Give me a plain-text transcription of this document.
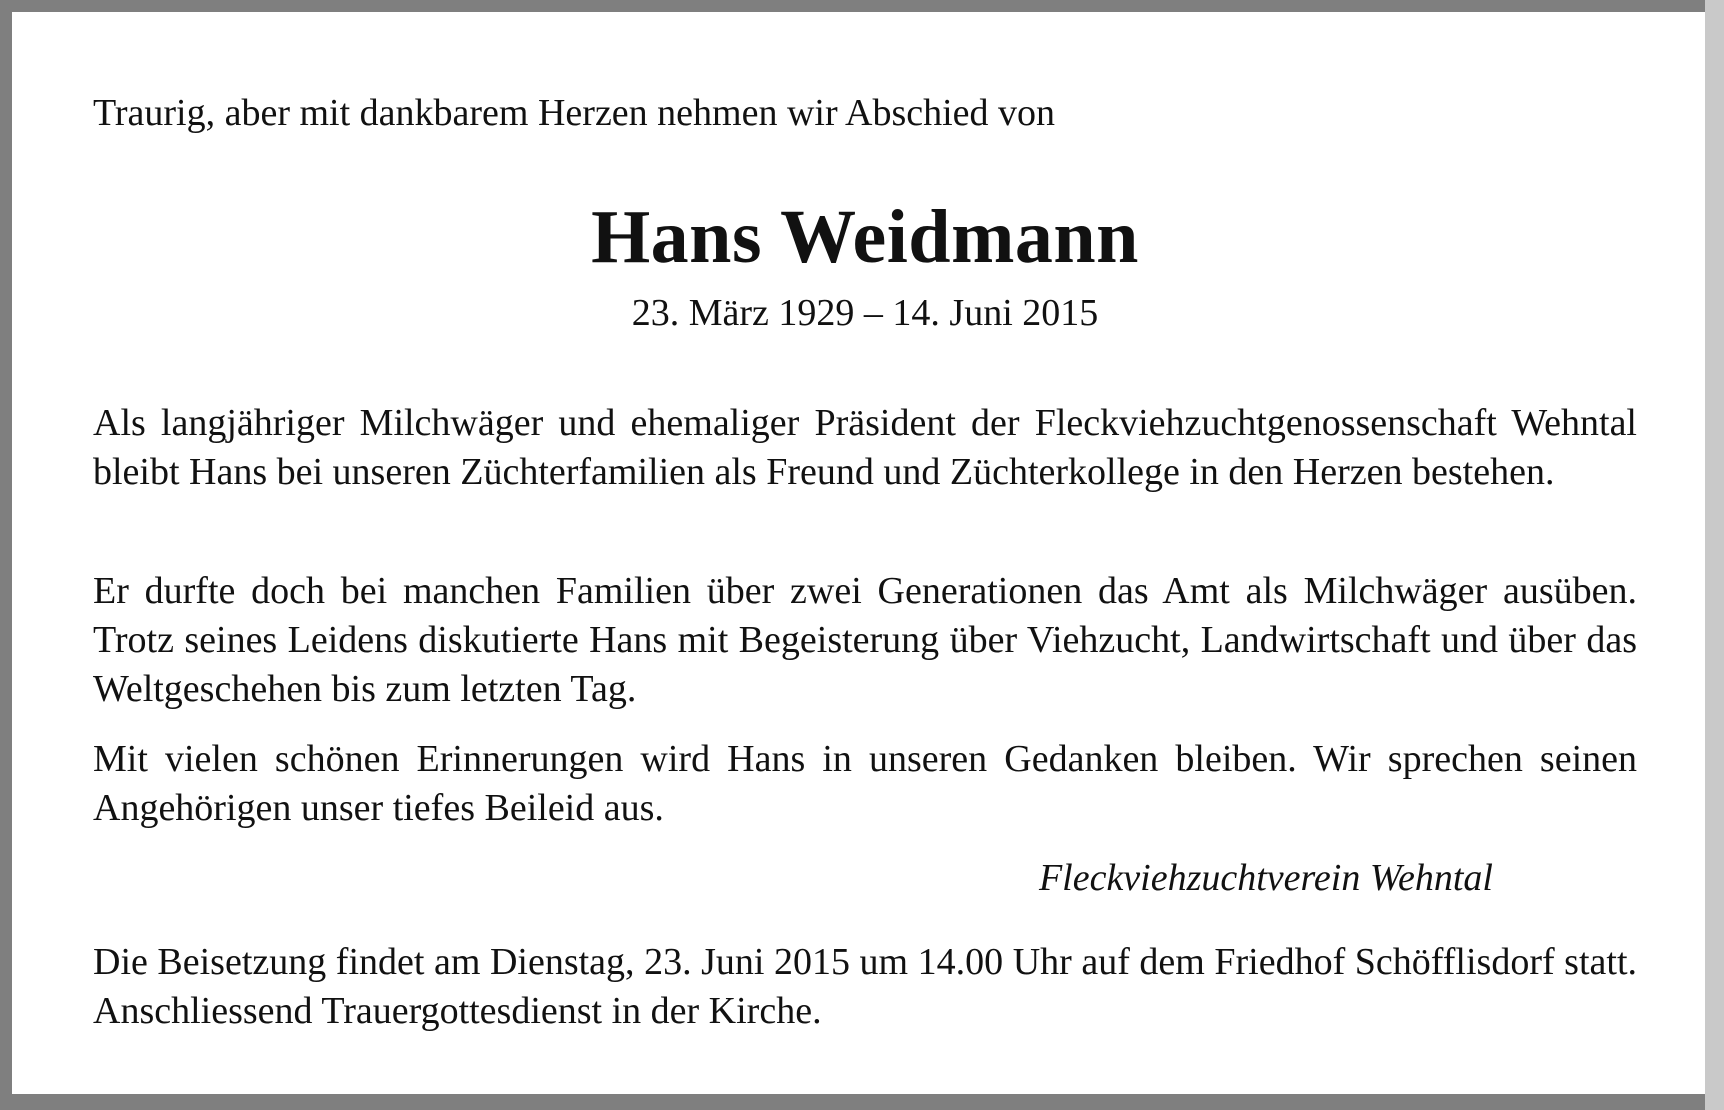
Traurig, aber mit dankbarem Herzen nehmen wir Abschied von
Hans Weidmann
23. März 1929 – 14. Juni 2015

Als langjähriger Milchwäger und ehemaliger Präsident der Fleckviehzuchtgenossenschaft Wehntal bleibt Hans bei unseren Züchterfamilien als Freund und Züchterkollege in den Herzen bestehen.

Er durfte doch bei manchen Familien über zwei Generationen das Amt als Milchwäger ausüben. Trotz seines Leidens diskutierte Hans mit Begeisterung über Viehzucht, Landwirtschaft und über das Weltgeschehen bis zum letzten Tag.

Mit vielen schönen Erinnerungen wird Hans in unseren Gedanken bleiben. Wir sprechen seinen Angehörigen unser tiefes Beileid aus.

Fleckviehzuchtverein Wehntal

Die Beisetzung findet am Dienstag, 23. Juni 2015 um 14.00 Uhr auf dem Friedhof Schöfflisdorf statt. Anschliessend Trauergottesdienst in der Kirche.
